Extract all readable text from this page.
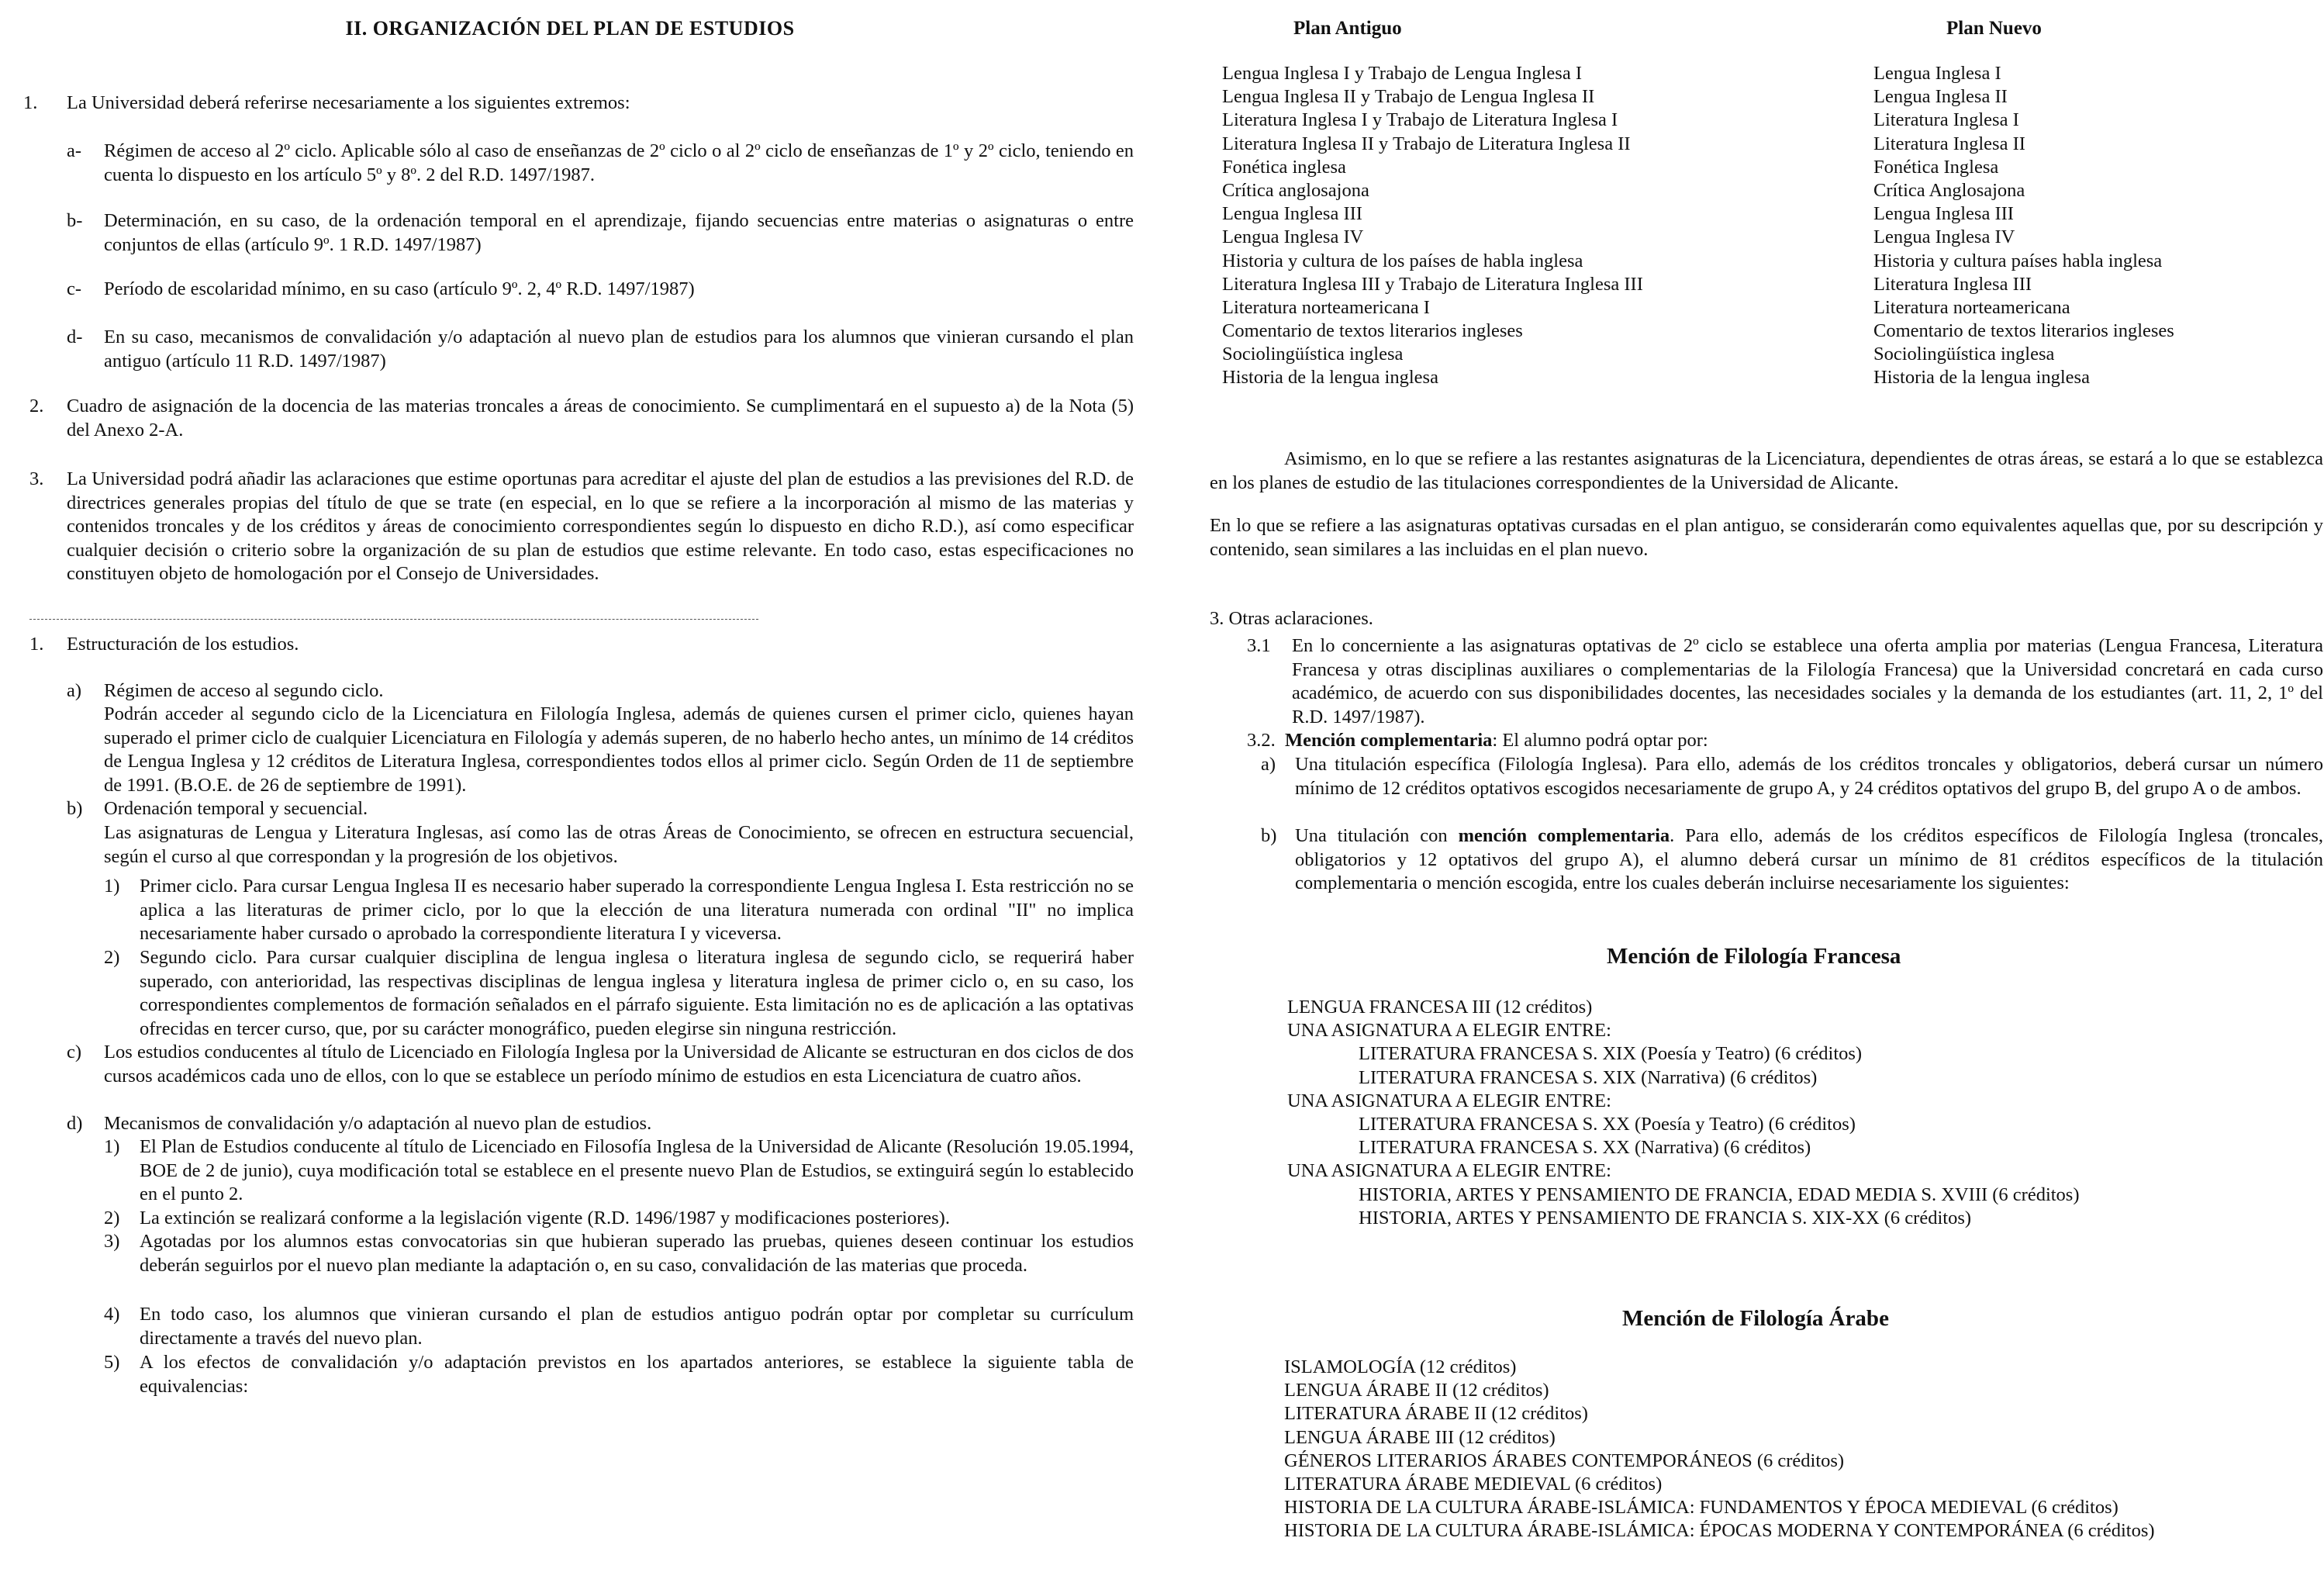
II. ORGANIZACIÓN DEL PLAN DE ESTUDIOS
1. La Universidad deberá referirse necesariamente a los siguientes extremos:
a- Régimen de acceso al 2º ciclo. Aplicable sólo al caso de enseñanzas de 2º ciclo o al 2º ciclo de enseñanzas de 1º y 2º ciclo, teniendo en cuenta lo dispuesto en los artículo 5º y 8º. 2 del R.D. 1497/1987.

b- Determinación, en su caso, de la ordenación temporal en el aprendizaje, fijando secuencias entre materias o asignaturas o entre conjuntos de ellas (artículo 9º. 1 R.D. 1497/1987)

c- Período de escolaridad mínimo, en su caso (artículo 9º. 2, 4º R.D. 1497/1987)

d- En su caso, mecanismos de convalidación y/o adaptación al nuevo plan de estudios para los alumnos que vinieran cursando el plan antiguo (artículo 11 R.D. 1497/1987)

2. Cuadro de asignación de la docencia de las materias troncales a áreas de conocimiento. Se cumplimentará en el supuesto a) de la Nota (5) del Anexo 2-A.

3. La Universidad podrá añadir las aclaraciones que estime oportunas para acreditar el ajuste del plan de estudios a las previsiones del R.D. de directrices generales propias del título de que se trate (en especial, en lo que se refiere a la incorporación al mismo de las materias y contenidos troncales y de los créditos y áreas de conocimiento correspondientes según lo dispuesto en dicho R.D.), así como especificar cualquier decisión o criterio sobre la organización de su plan de estudios que estime relevante. En todo caso, estas especificaciones no constituyen objeto de homologación por el Consejo de Universidades.

1. Estructuración de los estudios.
a) Régimen de acceso al segundo ciclo.

Podrán acceder al segundo ciclo de la Licenciatura en Filología Inglesa, además de quienes cursen el primer ciclo, quienes hayan superado el primer ciclo de cualquier Licenciatura en Filología y además superen, de no haberlo hecho antes, un mínimo de 14 créditos de Lengua Inglesa y 12 créditos de Literatura Inglesa, correspondientes todos ellos al primer ciclo. Según Orden de 11 de septiembre de 1991. (B.O.E. de 26 de septiembre de 1991).

b) Ordenación temporal y secuencial.

Las asignaturas de Lengua y Literatura Inglesas, así como las de otras Áreas de Conocimiento, se ofrecen en estructura secuencial, según el curso al que correspondan y la progresión de los objetivos.

1) Primer ciclo. Para cursar Lengua Inglesa II es necesario haber superado la correspondiente Lengua Inglesa I. Esta restricción no se aplica a las literaturas de primer ciclo, por lo que la elección de una literatura numerada con ordinal "II" no implica necesariamente haber cursado o aprobado la correspondiente literatura I y viceversa.

2) Segundo ciclo. Para cursar cualquier disciplina de lengua inglesa o literatura inglesa de segundo ciclo, se requerirá haber superado, con anterioridad, las respectivas disciplinas de lengua inglesa y literatura inglesa de primer ciclo o, en su caso, los correspondientes complementos de formación señalados en el párrafo siguiente. Esta limitación no es de aplicación a las optativas ofrecidas en tercer curso, que, por su carácter monográfico, pueden elegirse sin ninguna restricción.

c) Los estudios conducentes al título de Licenciado en Filología Inglesa por la Universidad de Alicante se estructuran en dos ciclos de dos cursos académicos cada uno de ellos, con lo que se establece un período mínimo de estudios en esta Licenciatura de cuatro años.

d) Mecanismos de convalidación y/o adaptación al nuevo plan de estudios.
1) El Plan de Estudios conducente al título de Licenciado en Filosofía Inglesa de la Universidad de Alicante (Resolución 19.05.1994, BOE de 2 de junio), cuya modificación total se establece en el presente nuevo Plan de Estudios, se extinguirá según lo establecido en el punto 2.

2) La extinción se realizará conforme a la legislación vigente (R.D. 1496/1987 y modificaciones posteriores).

3) Agotadas por los alumnos estas convocatorias sin que hubieran superado las pruebas, quienes deseen continuar los estudios deberán seguirlos por el nuevo plan mediante la adaptación o, en su caso, convalidación de las materias que proceda.

4) En todo caso, los alumnos que vinieran cursando el plan de estudios antiguo podrán optar por completar su currículum directamente a través del nuevo plan.

5) A los efectos de convalidación y/o adaptación previstos en los apartados anteriores, se establece la siguiente tabla de equivalencias:

Plan Antiguo	Plan Nuevo
Lengua Inglesa I y Trabajo de Lengua Inglesa I
Lengua Inglesa II y Trabajo de Lengua Inglesa II
Literatura Inglesa I y Trabajo de Literatura Inglesa I
Literatura Inglesa II y Trabajo de Literatura Inglesa II
Fonética inglesa
Crítica anglosajona
Lengua Inglesa III
Lengua Inglesa IV
Historia y cultura de los países de habla inglesa
Literatura Inglesa III y Trabajo de Literatura Inglesa III
Literatura norteamericana I
Comentario de textos literarios ingleses
Sociolingüística inglesa
Historia de la lengua inglesa
Lengua Inglesa I
Lengua Inglesa II
Literatura Inglesa I
Literatura Inglesa II
Fonética Inglesa
Crítica Anglosajona
Lengua Inglesa III
Lengua Inglesa IV
Historia y cultura países habla inglesa
Literatura Inglesa III
Literatura norteamericana
Comentario de textos literarios ingleses
Sociolingüística inglesa
Historia de la lengua inglesa

Asimismo, en lo que se refiere a las restantes asignaturas de la Licenciatura, dependientes de otras áreas, se estará a lo que se establezca en los planes de estudio de las titulaciones correspondientes de la Universidad de Alicante.

En lo que se refiere a las asignaturas optativas cursadas en el plan antiguo, se considerarán como equivalentes aquellas que, por su descripción y contenido, sean similares a las incluidas en el plan nuevo.

3. Otras aclaraciones.
3.1 En lo concerniente a las asignaturas optativas de 2º ciclo se establece una oferta amplia por materias (Lengua Francesa, Literatura Francesa y otras disciplinas auxiliares o complementarias de la Filología Francesa) que la Universidad concretará en cada curso académico, de acuerdo con sus disponibilidades docentes, las necesidades sociales y la demanda de los estudiantes (art. 11, 2, 1º del R.D. 1497/1987).

3.2. Mención complementaria: El alumno podrá optar por:
a) Una titulación específica (Filología Inglesa). Para ello, además de los créditos troncales y obligatorios, deberá cursar un número mínimo de 12 créditos optativos escogidos necesariamente de grupo A, y 24 créditos optativos del grupo B, del grupo A o de ambos.

b) Una titulación con mención complementaria. Para ello, además de los créditos específicos de Filología Inglesa (troncales, obligatorios y 12 optativos del grupo A), el alumno deberá cursar un mínimo de 81 créditos específicos de la titulación complementaria o mención escogida, entre los cuales deberán incluirse necesariamente los siguientes:

Mención de Filología Francesa
LENGUA FRANCESA III (12 créditos)
UNA ASIGNATURA A ELEGIR ENTRE:
LITERATURA FRANCESA S. XIX (Poesía y Teatro) (6 créditos)
LITERATURA FRANCESA S. XIX (Narrativa) (6 créditos)
UNA ASIGNATURA A ELEGIR ENTRE:
LITERATURA FRANCESA S. XX (Poesía y Teatro) (6 créditos)
LITERATURA FRANCESA S. XX (Narrativa) (6 créditos)
UNA ASIGNATURA A ELEGIR ENTRE:
HISTORIA, ARTES Y PENSAMIENTO DE FRANCIA, EDAD MEDIA S. XVIII (6 créditos)
HISTORIA, ARTES Y PENSAMIENTO DE FRANCIA S. XIX-XX (6 créditos)
Mención de Filología Árabe
ISLAMOLOGÍA (12 créditos)
LENGUA ÁRABE II (12 créditos)
LITERATURA ÁRABE II (12 créditos)
LENGUA ÁRABE III (12 créditos)
GÉNEROS LITERARIOS ÁRABES CONTEMPORÁNEOS (6 créditos)
LITERATURA ÁRABE MEDIEVAL (6 créditos)
HISTORIA DE LA CULTURA ÁRABE-ISLÁMICA: FUNDAMENTOS Y ÉPOCA MEDIEVAL (6 créditos)
HISTORIA DE LA CULTURA ÁRABE-ISLÁMICA: ÉPOCAS MODERNA Y CONTEMPORÁNEA (6 créditos)
